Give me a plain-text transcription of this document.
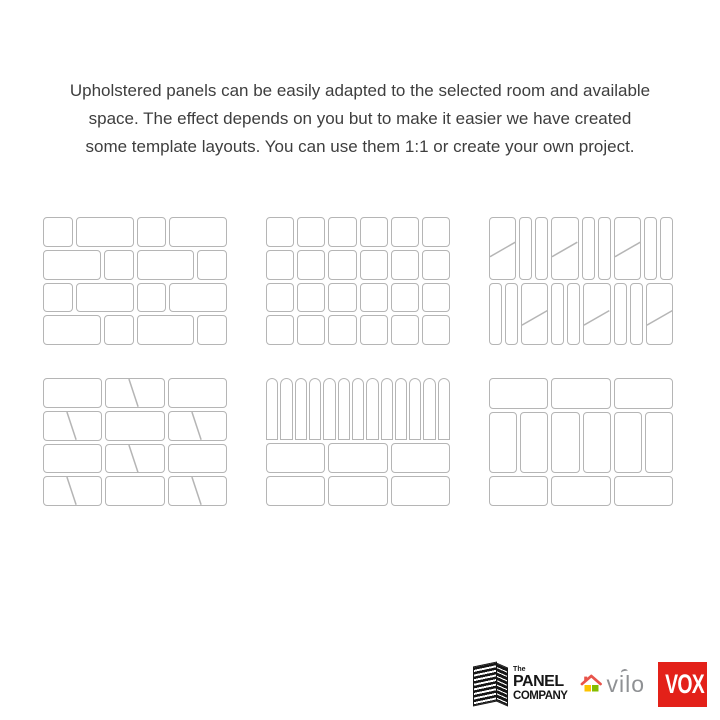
Upholstered panels can be easily adapted to the selected room and available
space. The effect depends on you but to make it easier we have created
some template layouts. You can use them 1:1 or create your own project.

The
PANEL
COMPANY vilo VOX
